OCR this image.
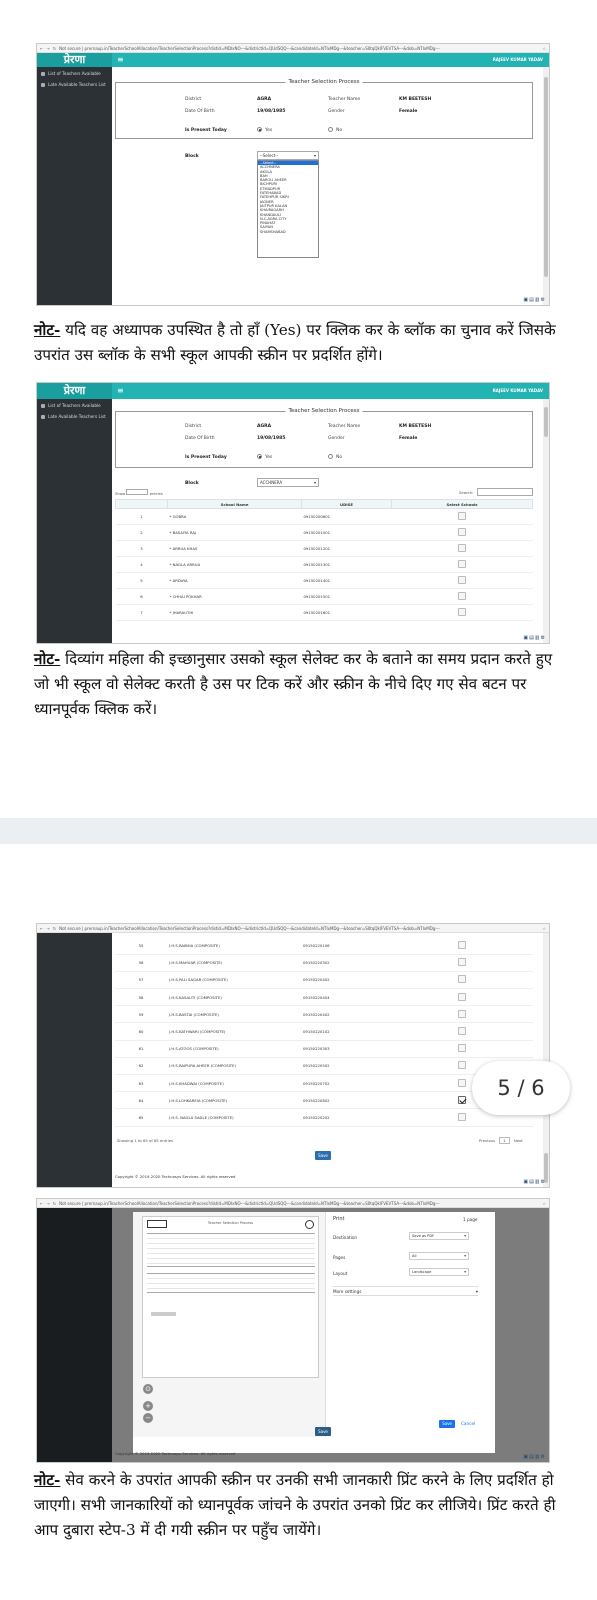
← → ↻ Not secure | prernaup.in/TeacherSchoolAllocation/TeacherSelectionProcess?distid=MDIxNO---&districtId=QUdSQQ---&candidateId=NTIxMDg---&teacher=S0tqQklFVEVTSA---&dob=NTIxMDg---	☆
प्रेरणा	≡	RAJEEV KUMAR YADAV
List of Teachers Available
Late Available Teachers List	Teacher Selection Process
District	AGRA	Teacher Name	KM BEETESH
Date Of Birth	19/08/1985	Gender	Female
Is Present Today	Yes	No
Block	--Select--	▾
--Select--
ACCHNERA
AKOLA
BAH
BAROLI AHEER
BICHPURI
ETMADPUR
FATEHABAD
FATEHPUR SIKRI
JAGNER
JAITPUR KALAN
KHAIRAGARH
KHANDAULI
N.C.AGRA CITY
PINAHAT
SAIYAN
SHAMSHABAD
▣▤▥⚙
नोट- यदि वह अध्यापक उपस्थित है तो हाँ (Yes) पर क्लिक कर के ब्लॉक का चुनाव करें जिसके उपरांत उस ब्लॉक के सभी स्कूल आपकी स्क्रीन पर प्रदर्शित होंगे।
प्रेरणा	≡	RAJEEV KUMAR YADAV
List of Teachers Available
Late Available Teachers List
Teacher Selection Process
District	AGRA	Teacher Name	KM BEETESH
Date Of Birth	19/08/1985	Gender	Female
Is Present Today	Yes	No
Block	ACCHNERA	▾
Show	entries	Search:
	School Name	UDISE	Select Schools
1	* GOBRA	09150200601	
2	* BASAIYA RAJ	09150201001	
3	* ARRUA KHAS	09150201201	
4	* NAGLA ARRUA	09150201301	
5	* ARDAYA	09150201401	
6	* CHHAI POKHAR	09150201501	
7	* JHARAUTHI	09150201601	
▣▤▥⚙
नोट- दिव्यांग महिला की इच्छानुसार उसको स्कूल सेलेक्ट कर के बताने का समय प्रदान करते हुए जो भी स्कूल वो सेलेक्ट करती है उस पर टिक करें और स्क्रीन के नीचे दिए गए सेव बटन पर ध्यानपूर्वक क्लिक करें।
← → ↻ Not secure | prernaup.in/TeacherSchoolAllocation/TeacherSelectionProcess?distid=MDIxNO---&districtId=QUdSQQ---&candidateId=NTIxMDg---&teacher=S0tqQklFVEVTSA---&dob=NTIxMDg---	☆
55	J.H.S.RAIBHA (COMPOSITE)	09150220106	
56	J.H.S.MAHUAR (COMPOSITE)	09150220302	
57	J.H.S.PALI SAGAR (COMPOSITE)	09150220402	
58	J.H.S.KASAUTI (COMPOSITE)	09150220404	
59	J.H.S.BASTAI (COMPOSITE)	09150220402	
60	J.H.S.KATHWARI (COMPOSITE)	09150220102	
61	J.H.S.ATOOS (COMPOSITE)	09150220303	
62	J.H.S.RAIPURA AHEER (COMPOSITE)	09150220502	
63	J.H.S.KHADWAI (COMPOSITE)	09150220702	
64	J.H.S.LOHKAREIA (COMPOSITE)	09150220802	
65	J.H.S. NAGLA SADLE (COMPOSITE)	09150220202	
Showing 1 to 65 of 65 entries	Previous 1 Next
Save
Copyright © 2019-2020 Technosys Services. All rights reserved
▣▤▥⚙
← → ↻ Not secure | prernaup.in/TeacherSchoolAllocation/TeacherSelectionProcess?distid=MDIxNO---&districtId=QUdSQQ---&candidateId=NTIxMDg---&teacher=S0tqQklFVEVTSA---&dob=NTIxMDg---	☆
Teacher Selection Process
⊙
+
−
Print	1 page
Destination	Save as PDF	▾
Pages	All	▾
Layout	Landscape	▾
More settings	▾
Save	Cancel
Save
Copyright © 2019-2020 Technosys Services. All rights reserved
▣▤▥⚙
नोट- सेव करने के उपरांत आपकी स्क्रीन पर उनकी सभी जानकारी प्रिंट करने के लिए प्रदर्शित हो जाएगी। सभी जानकारियों को ध्यानपूर्वक जांचने के उपरांत उनको प्रिंट कर लीजिये। प्रिंट करते ही आप दुबारा स्टेप-3 में दी गयी स्क्रीन पर पहुँच जायेंगे।
5 / 6
